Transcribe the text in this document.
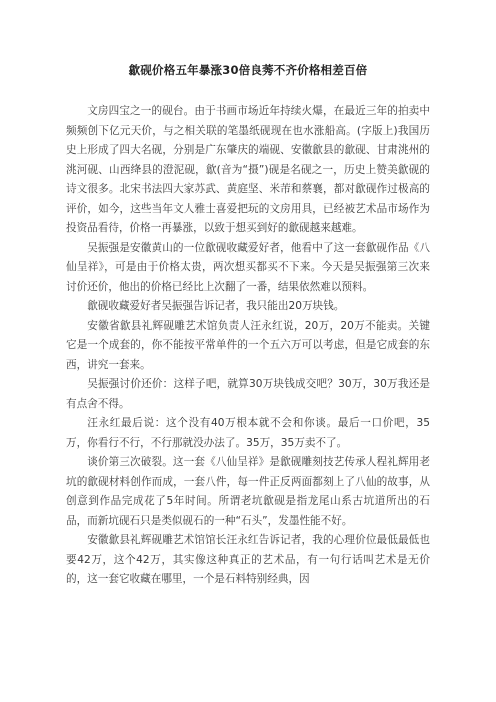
歙砚价格五年暴涨30倍良莠不齐价格相差百倍

文房四宝之一的砚台。由于书画市场近年持续火爆，在最近三年的拍卖中频频创下亿元天价，与之相关联的笔墨纸砚现在也水涨船高。(字版上)我国历史上形成了四大名砚，分别是广东肇庆的端砚、安徽歙县的歙砚、甘肃洮州的洮河砚、山西绛县的澄泥砚，歙(音为“摄”)砚是名砚之一，历史上赞美歙砚的诗文很多。北宋书法四大家苏武、黄庭坚、米芾和蔡襄，都对歙砚作过极高的评价，如今，这些当年文人雅士喜爱把玩的文房用具，已经被艺术品市场作为投资品看待，价格一再暴涨，以致于想买到好的歙砚越来越难。

吴振强是安徽黄山的一位歙砚收藏爱好者，他看中了这一套歙砚作品《八仙呈祥》，可是由于价格太贵，两次想买都买不下来。今天是吴振强第三次来讨价还价，他出的价格已经比上次翻了一番，结果依然难以预料。

歙砚收藏爱好者吴振强告诉记者，我只能出20万块钱。

安徽省歙县礼辉砚雕艺术馆负责人汪永红说，20万，20万不能卖。关键它是一个成套的，你不能按平常单件的一个五六万可以考虑，但是它成套的东西，讲究一套来。

吴振强讨价还价：这样子吧，就算30万块钱成交吧？30万，30万我还是有点舍不得。

汪永红最后说：这个没有40万根本就不会和你谈。最后一口价吧，35万，你看行不行，不行那就没办法了。35万，35万卖不了。

谈价第三次破裂。这一套《八仙呈祥》是歙砚雕刻技艺传承人程礼辉用老坑的歙砚材料创作而成，一套八件，每一件正反两面都刻上了八仙的故事，从创意到作品完成花了5年时间。所谓老坑歙砚是指龙尾山系古坑道所出的石品，而新坑砚石只是类似砚石的一种“石头”，发墨性能不好。

安徽歙县礼辉砚雕艺术馆馆长汪永红告诉记者，我的心理价位最低最低也要42万，这个42万，其实像这种真正的艺术品，有一句行话叫艺术是无价的，这一套它收藏在哪里，一个是石料特别经典，因
